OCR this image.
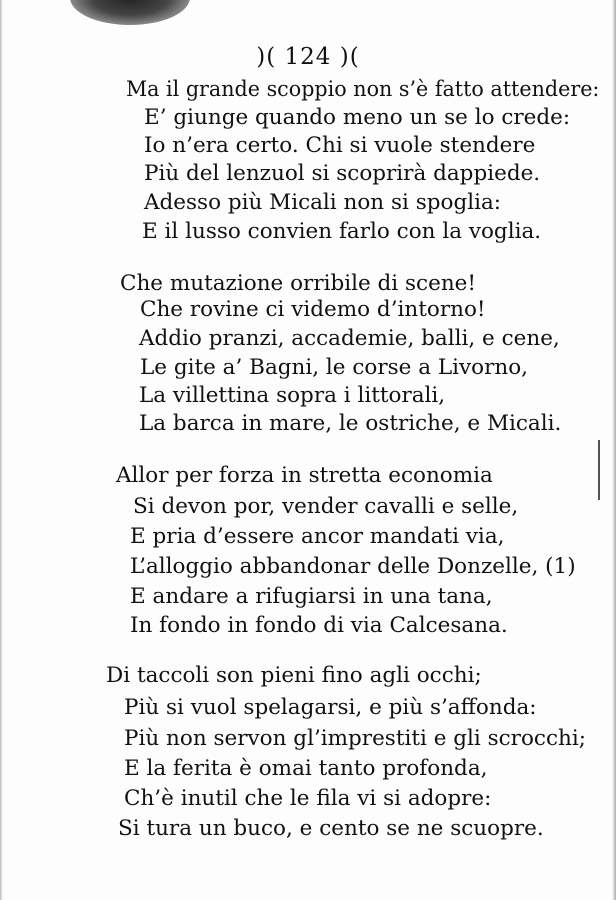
)( 124 )(
Ma il grande scoppio non s’è fatto attendere:
E’ giunge quando meno un se lo crede:
Io n’era certo. Chi si vuole stendere
Più del lenzuol si scoprirà dappiede.
Adesso più Micali non si spoglia:
E il lusso convien farlo con la voglia.
Che mutazione orribile di scene!
Che rovine ci videmo d’intorno!
Addio pranzi, accademie, balli, e cene,
Le gite a’ Bagni, le corse a Livorno,
La villettina sopra i littorali,
La barca in mare, le ostriche, e Micali.
Allor per forza in stretta economia
Si devon por, vender cavalli e selle,
E pria d’essere ancor mandati via,
L’alloggio abbandonar delle Donzelle, (1)
E andare a rifugiarsi in una tana,
In fondo in fondo di via Calcesana.
Di taccoli son pieni fino agli occhi;
Più si vuol spelagarsi, e più s’affonda:
Più non servon gl’imprestiti e gli scrocchi;
E la ferita è omai tanto profonda,
Ch’è inutil che le fila vi si adopre:
Si tura un buco, e cento se ne scuopre.
